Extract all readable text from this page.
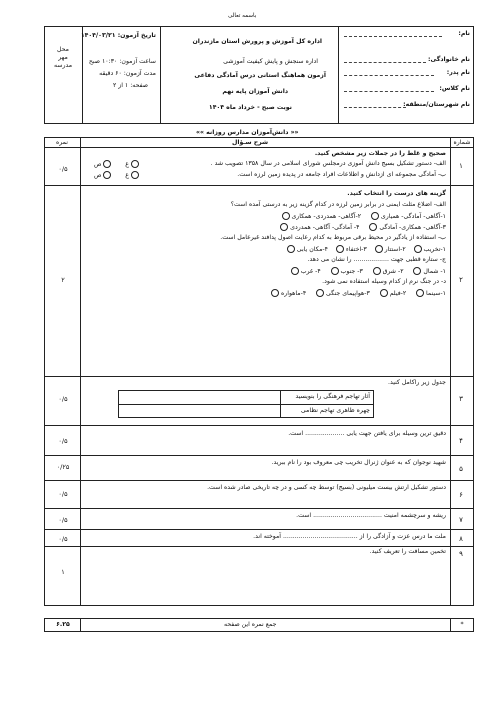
باسمه تعالی
نام:
نام خانوادگی:
نام پدر:
نام کلاس:
نام شهرستان/منطقه:
اداره کل آموزش و پرورش استان مازندران
اداره سنجش و پایش کیفیت آموزشی
آزمون هماهنگ استانی درس آمادگی دفاعی
دانش آموزان پایه نهم
نوبت صبح - خرداد ماه ۱۴۰۴
تاریخ آزمون: ۱۴۰۴/۰۳/۲۱
ساعت آزمون: ۱۰:۳۰ صبح
مدت آزمون: ۶۰ دقیقه
صفحه: ۱ از ۲
محل
مهر
مدرسه
«« دانش‌آموزان مدارس روزانه »»
شماره
شرح سـؤال
نمره
۱
صحیح و غلط را در جملات زیر مشخص کنید.
الف- دستور تشکیل بسیج دانش آموزی درمجلس شورای اسلامی در سال ۱۳۵۸ تصویب شد .
ب- آمادگی مجموعه ای ازدانش و اطلاعات افراد جامعه در پدیده زمین لرزه است.
غ        ص
غ        ص
۰/۵
۲
گزینه های درست را انتخاب کنید.
الف- اضلاع مثلث ایمنی در برابر زمین لرزه در کدام گزینه زیر به درستی آمده است؟
۱-آگاهی- آمادگی- همیاری      ۲-آگاهی- همدردی- همکاری
۳-آگاهی- همکاری- آمادگی      ۴- آمادگی- آگاهی- همدردی
ب- استفاده از یادگیر در محیط برقی مربوط به کدام رعایت اصول پدافند غیرعامل است.
۱-تخریب     ۲-استتار     ۳-اختفاء     ۴-مکان یابی
ج- ستاره قطبی جهت .................. را نشان می دهد.
۱- شمال      ۲- شرق      ۳- جنوب      ۴- غرب
د- در جنگ نرم از کدام وسیله استفاده نمی شود.
۱-سینما      ۲-فیلم      ۳-هواپیمای جنگی      ۴-ماهواره
۲
۳
جدول زیر راکامل کنید.
آثار تهاجم فرهنگی را بنویسید
چهره ظاهری تهاجم نظامی
۰/۵
۴
دقیق ترین وسیله برای یافتن جهت یابی .................... است.
۰/۵
۵
شهید نوجوان که به عنوان ژنرال تخریب چی معروف بود را نام ببرید.
۰/۲۵
۶
دستور تشکیل ارتش بیست میلیونی (بسیج) توسط چه کسی و در چه تاریخی صادر شده است.
۰/۵
۷
ریشه و سرچشمه امنیت ................................... است.
۰/۵
۸
ملت ما درس عزت و آزادگی را از ...................................... آموخته اند.
۰/۵
۹
تخمین مسافت را تعریف کنید.
۱
*
جمع نمره این صفحه
۶.۲۵
